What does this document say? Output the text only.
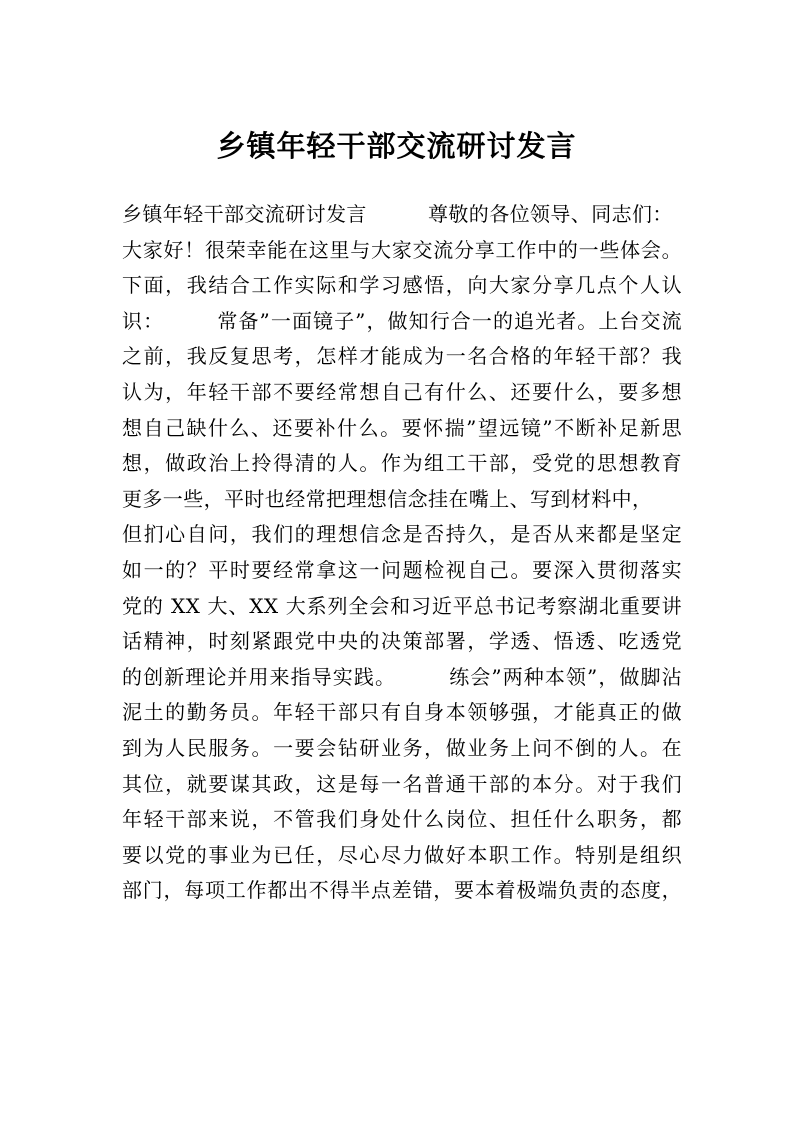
乡镇年轻干部交流研讨发言
乡镇年轻干部交流研讨发言　　　尊敬的各位领导、同志们：
大家好！很荣幸能在这里与大家交流分享工作中的一些体会。
下面，我结合工作实际和学习感悟，向大家分享几点个人认
识：　　　常备”一面镜子”，做知行合一的追光者。上台交流
之前，我反复思考，怎样才能成为一名合格的年轻干部？我
认为，年轻干部不要经常想自己有什么、还要什么，要多想
想自己缺什么、还要补什么。要怀揣”望远镜”不断补足新思
想，做政治上拎得清的人。作为组工干部，受党的思想教育
更多一些，平时也经常把理想信念挂在嘴上、写到材料中，
但扪心自问，我们的理想信念是否持久，是否从来都是坚定
如一的？平时要经常拿这一问题检视自己。要深入贯彻落实
党的 XX 大、XX 大系列全会和习近平总书记考察湖北重要讲
话精神，时刻紧跟党中央的决策部署，学透、悟透、吃透党
的创新理论并用来指导实践。　　　练会”两种本领”，做脚沾
泥土的勤务员。年轻干部只有自身本领够强，才能真正的做
到为人民服务。一要会钻研业务，做业务上问不倒的人。在
其位，就要谋其政，这是每一名普通干部的本分。对于我们
年轻干部来说，不管我们身处什么岗位、担任什么职务，都
要以党的事业为已任，尽心尽力做好本职工作。特别是组织
部门，每项工作都出不得半点差错，要本着极端负责的态度，
